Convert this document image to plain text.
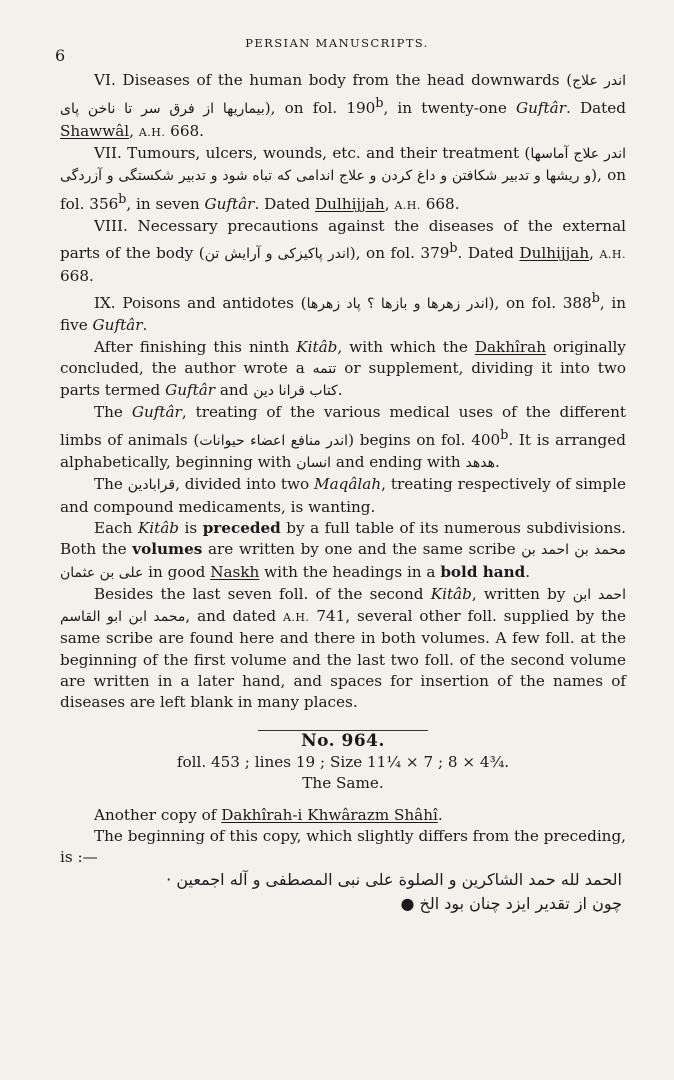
6
PERSIAN MANUSCRIPTS.

VI. Diseases of the human body from the head downwards (اندر علاج بیماریها از فرق سر تا ناخن پای), on fol. 190$^b$, in twenty-one Guftâr. Dated Shawwâl, A.H. 668.

VII. Tumours, ulcers, wounds, etc. and their treatment (اندر علاج آماسها و ریشها و تدبیر شکافتن و داغ کردن و علاج اندامی که تباه شود و تدبیر شکستگی و آزردگی), on fol. 356$^b$, in seven Guftâr. Dated Dulhijjah, A.H. 668.

VIII. Necessary precautions against the diseases of the external parts of the body (اندر پاکیزکی و آرایش تن), on fol. 379$^b$. Dated Dulhijjah, A.H. 668.

IX. Poisons and antidotes (اندر زهرها و بازها ؟ پاد زهرها), on fol. 388$^b$, in five Guftâr.

After finishing this ninth Kitâb, with which the Dakhîrah originally concluded, the author wrote a تتمه or supplement, dividing it into two parts termed Guftâr and کتاب قرانا دین.

The Guftâr, treating of the various medical uses of the different limbs of animals (اندر منافع اعضاء حیوانات) begins on fol. 400$^b$. It is arranged alphabetically, beginning with انسان and ending with هدهد.

The قرابادین, divided into two Maqâlah, treating respectively of simple and compound medicaments, is wanting.

Each Kitâb is preceded by a full table of its numerous subdivisions. Both the volumes are written by one and the same scribe محمد بن احمد بن علی بن عثمان in good Naskh with the headings in a bold hand.

Besides the last seven foll. of the second Kitâb, written by احمد ابن محمد ابن ابو القاسم, and dated A.H. 741, several other foll. supplied by the same scribe are found here and there in both volumes. A few foll. at the beginning of the first volume and the last two foll. of the second volume are written in a later hand, and spaces for insertion of the names of diseases are left blank in many places.

No. 964.

foll. 453 ; lines 19 ; Size 11¼ × 7 ; 8 × 4¾.

The Same.

Another copy of Dakhîrah-i Khwârazm Shâhî.

The beginning of this copy, which slightly differs from the preceding, is :—

الحمد لله حمد الشاکرین و الصلوة علی نبی المصطفی و آله اجمعین ·

چون از تقدیر ایزد چنان بود الخ ●
